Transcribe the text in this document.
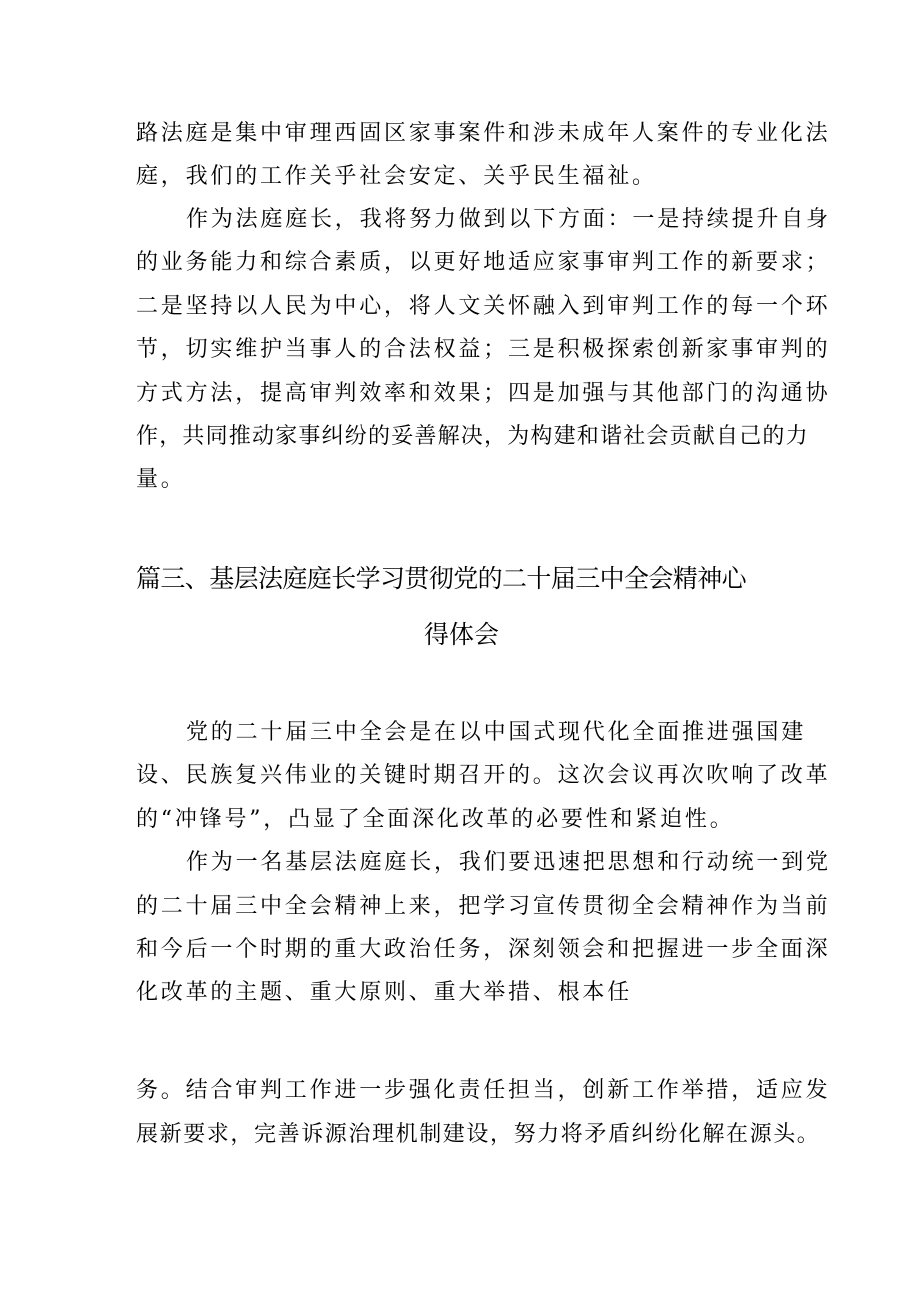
路法庭是集中审理西固区家事案件和涉未成年人案件的专业化法
庭，我们的工作关乎社会安定、关乎民生福祉。
作为法庭庭长，我将努力做到以下方面：一是持续提升自身
的业务能力和综合素质，以更好地适应家事审判工作的新要求；
二是坚持以人民为中心，将人文关怀融入到审判工作的每一个环
节，切实维护当事人的合法权益；三是积极探索创新家事审判的
方式方法，提高审判效率和效果；四是加强与其他部门的沟通协
作，共同推动家事纠纷的妥善解决，为构建和谐社会贡献自己的力
量。
篇三、基层法庭庭长学习贯彻党的二十届三中全会精神心
得体会
党的二十届三中全会是在以中国式现代化全面推进强国建
设、民族复兴伟业的关键时期召开的。这次会议再次吹响了改革
的“冲锋号”，凸显了全面深化改革的必要性和紧迫性。
作为一名基层法庭庭长，我们要迅速把思想和行动统一到党
的二十届三中全会精神上来，把学习宣传贯彻全会精神作为当前
和今后一个时期的重大政治任务，深刻领会和把握进一步全面深
化改革的主题、重大原则、重大举措、根本任
务。结合审判工作进一步强化责任担当，创新工作举措，适应发
展新要求，完善诉源治理机制建设，努力将矛盾纠纷化解在源头。
